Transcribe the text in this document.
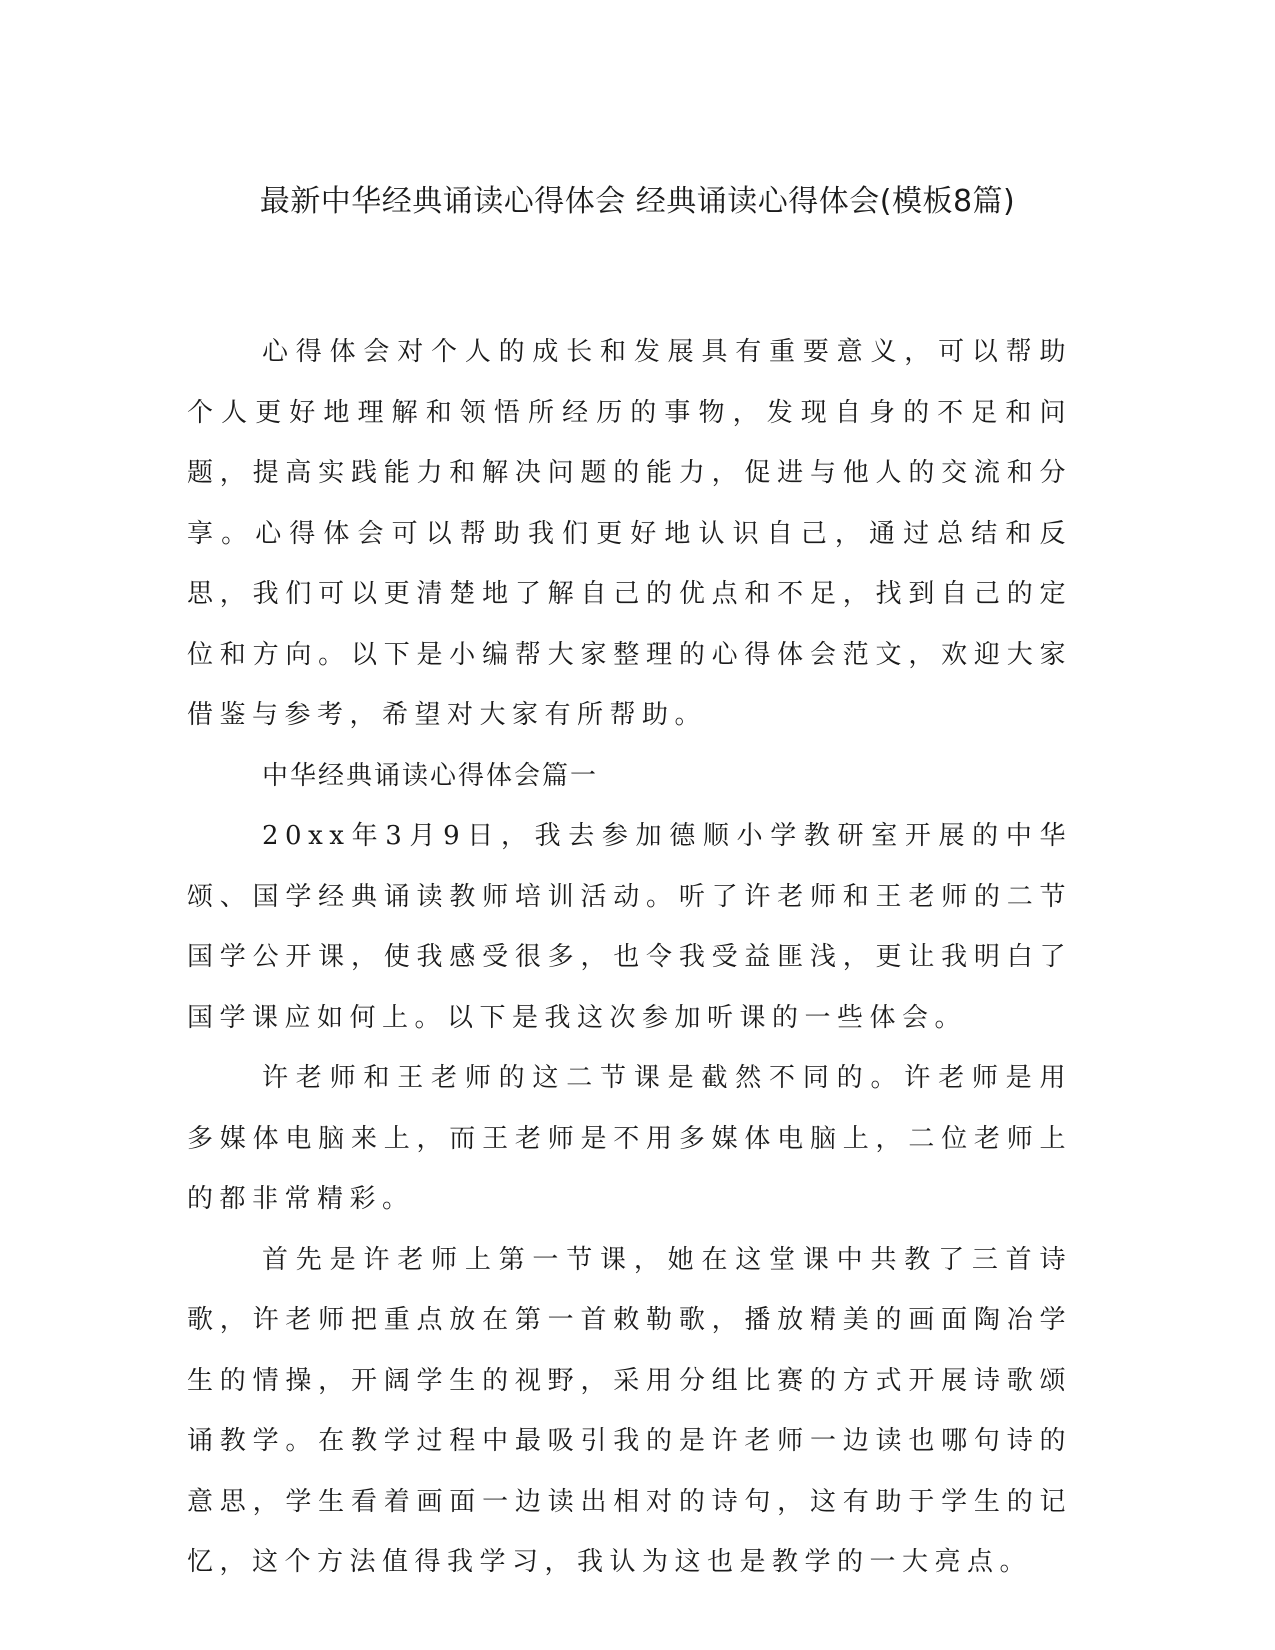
最新中华经典诵读心得体会 经典诵读心得体会(模板8篇)

心得体会对个人的成长和发展具有重要意义，可以帮助个人更好地理解和领悟所经历的事物，发现自身的不足和问题，提高实践能力和解决问题的能力，促进与他人的交流和分享。心得体会可以帮助我们更好地认识自己，通过总结和反思，我们可以更清楚地了解自己的优点和不足，找到自己的定位和方向。以下是小编帮大家整理的心得体会范文，欢迎大家借鉴与参考，希望对大家有所帮助。

中华经典诵读心得体会篇一

20xx年3月9日，我去参加德顺小学教研室开展的中华颂、国学经典诵读教师培训活动。听了许老师和王老师的二节国学公开课，使我感受很多，也令我受益匪浅，更让我明白了国学课应如何上。以下是我这次参加听课的一些体会。

许老师和王老师的这二节课是截然不同的。许老师是用多媒体电脑来上，而王老师是不用多媒体电脑上，二位老师上的都非常精彩。

首先是许老师上第一节课，她在这堂课中共教了三首诗歌，许老师把重点放在第一首敕勒歌，播放精美的画面陶冶学生的情操，开阔学生的视野，采用分组比赛的方式开展诗歌颂诵教学。在教学过程中最吸引我的是许老师一边读也哪句诗的意思，学生看着画面一边读出相对的诗句，这有助于学生的记忆，这个方法值得我学习，我认为这也是教学的一大亮点。
